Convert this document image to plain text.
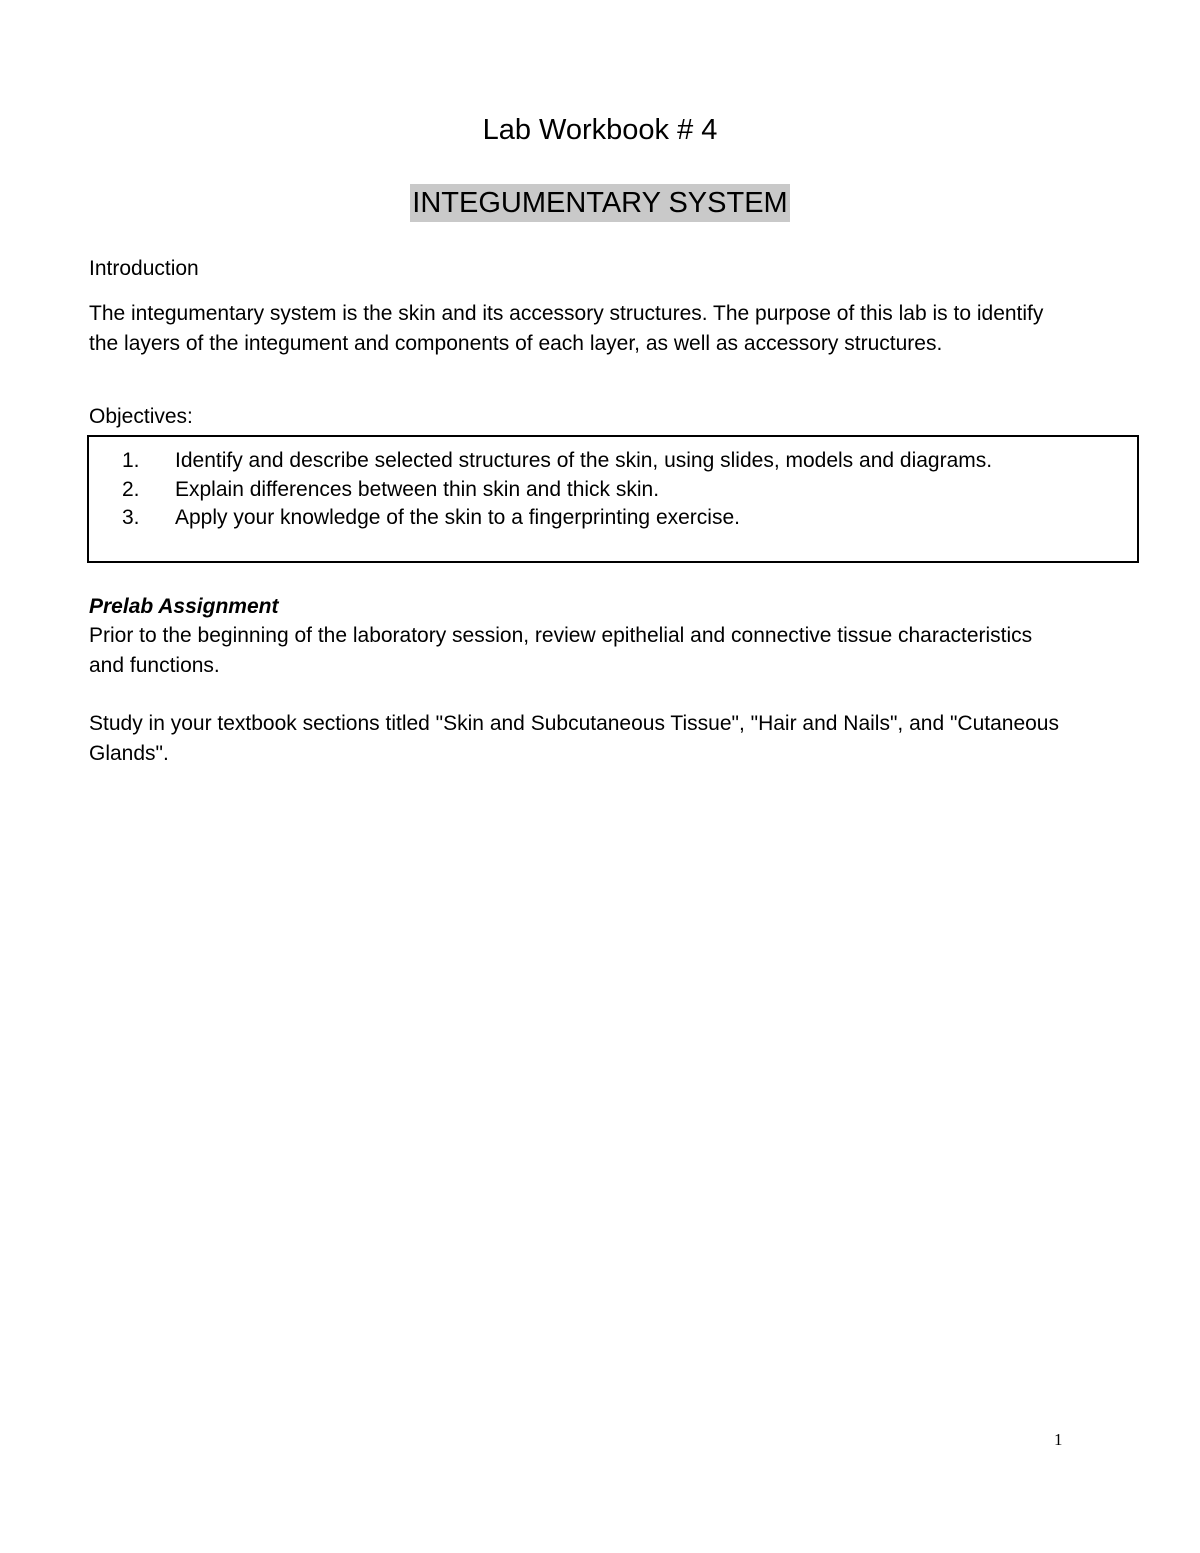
Lab Workbook # 4
INTEGUMENTARY SYSTEM

Introduction

The integumentary system is the skin and its accessory structures. The purpose of this lab is to identify the layers of the integument and components of each layer, as well as accessory structures.

Objectives:

1. Identify and describe selected structures of the skin, using slides, models and diagrams.
2. Explain differences between thin skin and thick skin.
3. Apply your knowledge of the skin to a fingerprinting exercise.

Prelab Assignment

Prior to the beginning of the laboratory session, review epithelial and connective tissue characteristics and functions.

Study in your textbook sections titled "Skin and Subcutaneous Tissue", "Hair and Nails", and "Cutaneous Glands".

1
